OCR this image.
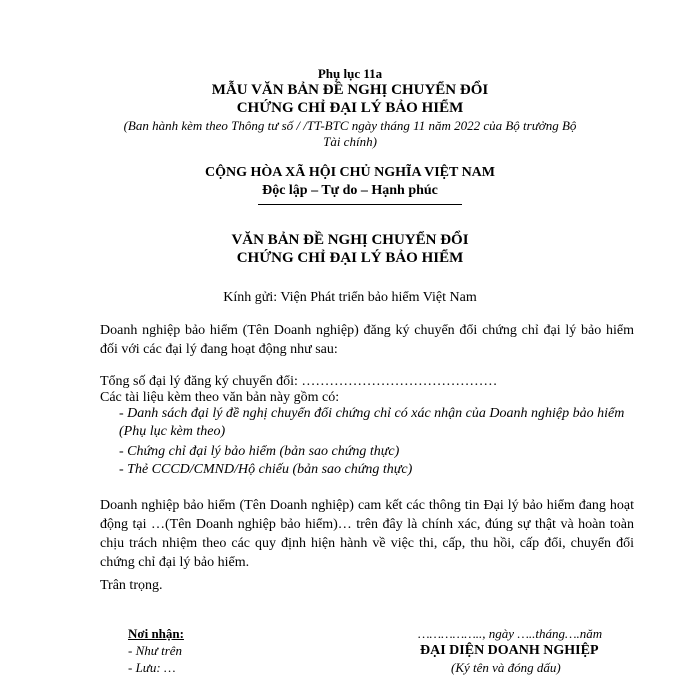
Phụ lục 11a
MẪU VĂN BẢN ĐỀ NGHỊ CHUYỂN ĐỔI
CHỨNG CHỈ ĐẠI LÝ BẢO HIỂM
(Ban hành kèm theo Thông tư số / /TT-BTC ngày tháng 11 năm 2022 của Bộ trưởng Bộ
Tài chính)
CỘNG HÒA XÃ HỘI CHỦ NGHĨA VIỆT NAM
Độc lập – Tự do – Hạnh phúc
VĂN BẢN ĐỀ NGHỊ CHUYỂN ĐỔI
CHỨNG CHỈ ĐẠI LÝ BẢO HIỂM
Kính gửi: Viện Phát triển bảo hiểm Việt Nam
Doanh nghiệp bảo hiểm (Tên Doanh nghiệp) đăng ký chuyển đổi chứng chỉ đại lý bảo hiểm đối với các đại lý đang hoạt động như sau:
Tổng số đại lý đăng ký chuyển đổi: ……………………………………
Các tài liệu kèm theo văn bản này gồm có:
- Danh sách đại lý đề nghị chuyển đổi chứng chỉ có xác nhận của Doanh nghiệp bảo hiểm
(Phụ lục kèm theo)
- Chứng chỉ đại lý bảo hiểm (bản sao chứng thực)
- Thẻ CCCD/CMND/Hộ chiếu (bản sao chứng thực)
Doanh nghiệp bảo hiểm (Tên Doanh nghiệp) cam kết các thông tin Đại lý bảo hiểm đang hoạt động tại …(Tên Doanh nghiệp bảo hiểm)… trên đây là chính xác, đúng sự thật và hoàn toàn chịu trách nhiệm theo các quy định hiện hành về việc thi, cấp, thu hồi, cấp đổi, chuyển đổi chứng chỉ đại lý bảo hiểm.
Trân trọng.
Nơi nhận:
- Như trên
- Lưu: …
…………….., ngày …..tháng….năm
ĐẠI DIỆN DOANH NGHIỆP
(Ký tên và đóng dấu)
